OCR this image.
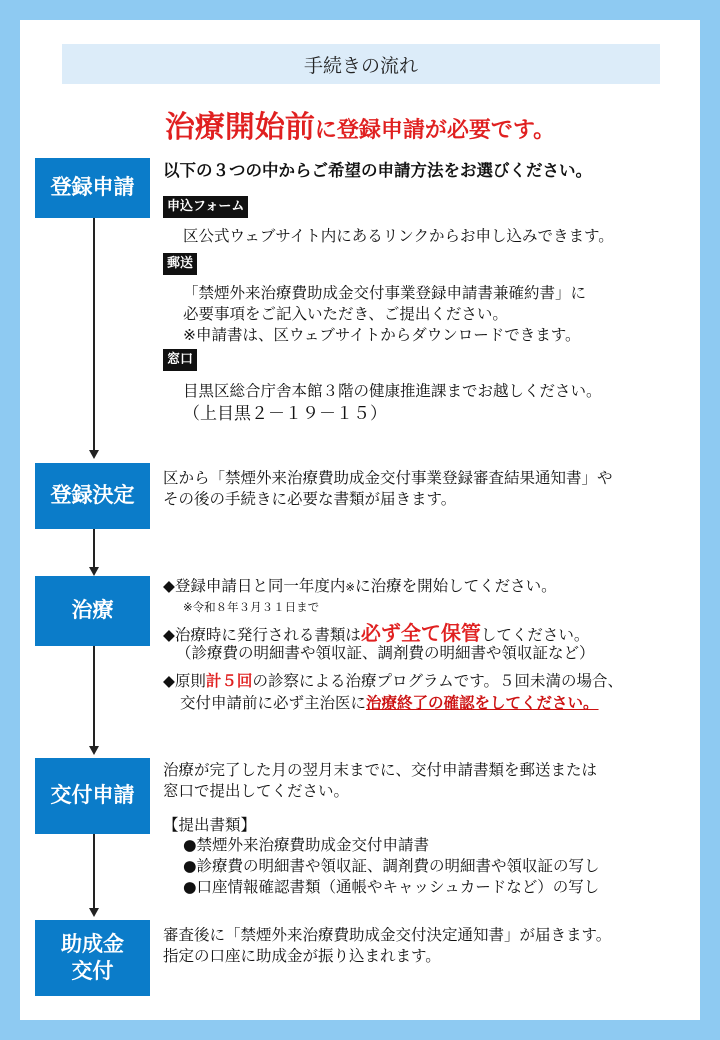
手続きの流れ
治療開始前に登録申請が必要です。
登録申請
以下の３つの中からご希望の申請方法をお選びください。
申込フォーム
区公式ウェブサイト内にあるリンクからお申し込みできます。
郵送
「禁煙外来治療費助成金交付事業登録申請書兼確約書」に
必要事項をご記入いただき、ご提出ください。
※申請書は、区ウェブサイトからダウンロードできます。
窓口
目黒区総合庁舎本館３階の健康推進課までお越しください。
（上目黒２－１９－１５）
登録決定
区から「禁煙外来治療費助成金交付事業登録審査結果通知書」や
その後の手続きに必要な書類が届きます。
治療
◆登録申請日と同一年度内※に治療を開始してください。
※令和８年３月３１日まで
◆治療時に発行される書類は必ず全て保管してください。
（診療費の明細書や領収証、調剤費の明細書や領収証など）
◆原則計５回の診察による治療プログラムです。５回未満の場合、
交付申請前に必ず主治医に治療終了の確認をしてください。
交付申請
治療が完了した月の翌月末までに、交付申請書類を郵送または
窓口で提出してください。
【提出書類】
●禁煙外来治療費助成金交付申請書
●診療費の明細書や領収証、調剤費の明細書や領収証の写し
●口座情報確認書類（通帳やキャッシュカードなど）の写し
助成金
交付
審査後に「禁煙外来治療費助成金交付決定通知書」が届きます。
指定の口座に助成金が振り込まれます。
